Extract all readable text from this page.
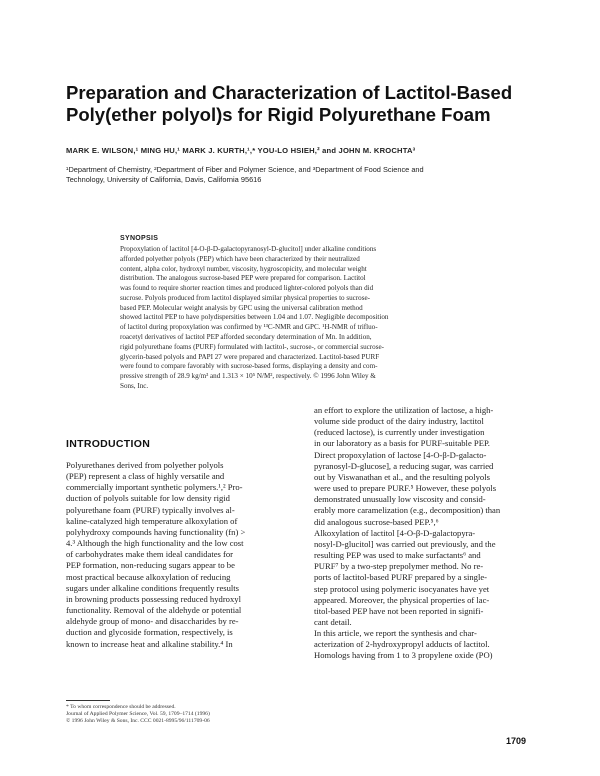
Preparation and Characterization of Lactitol-Based
Poly(ether polyol)s for Rigid Polyurethane Foam
MARK E. WILSON,¹ MING HU,¹ MARK J. KURTH,¹,* YOU-LO HSIEH,² and JOHN M. KROCHTA³
¹Department of Chemistry, ²Department of Fiber and Polymer Science, and ³Department of Food Science and
Technology, University of California, Davis, California 95616
SYNOPSIS
Propoxylation of lactitol [4-O-β-D-galactopyranosyl-D-glucitol] under alkaline conditions
afforded polyether polyols (PEP) which have been characterized by their neutralized
content, alpha color, hydroxyl number, viscosity, hygroscopicity, and molecular weight
distribution. The analogous sucrose-based PEP were prepared for comparison. Lactitol
was found to require shorter reaction times and produced lighter-colored polyols than did
sucrose. Polyols produced from lactitol displayed similar physical properties to sucrose-
based PEP. Molecular weight analysis by GPC using the universal calibration method
showed lactitol PEP to have polydispersities between 1.04 and 1.07. Negligible decomposition
of lactitol during propoxylation was confirmed by ¹³C-NMR and GPC. ¹H-NMR of trifluo-
roacetyl derivatives of lactitol PEP afforded secondary determination of Mn. In addition,
rigid polyurethane foams (PURF) formulated with lactitol-, sucrose-, or commercial sucrose-
glycerin-based polyols and PAPI 27 were prepared and characterized. Lactitol-based PURF
were found to compare favorably with sucrose-based forms, displaying a density and com-
pressive strength of 28.9 kg/m³ and 1.313 × 10⁵ N/M², respectively. © 1996 John Wiley &
Sons, Inc.
INTRODUCTION
Polyurethanes derived from polyether polyols
(PEP) represent a class of highly versatile and
commercially important synthetic polymers.¹,² Pro-
duction of polyols suitable for low density rigid
polyurethane foam (PURF) typically involves al-
kaline-catalyzed high temperature alkoxylation of
polyhydroxy compounds having functionality (fn) >
4.³ Although the high functionality and the low cost
of carbohydrates make them ideal candidates for
PEP formation, non-reducing sugars appear to be
most practical because alkoxylation of reducing
sugars under alkaline conditions frequently results
in browning products possessing reduced hydroxyl
functionality. Removal of the aldehyde or potential
aldehyde group of mono- and disaccharides by re-
duction and glycoside formation, respectively, is
known to increase heat and alkaline stability.⁴ In
an effort to explore the utilization of lactose, a high-
volume side product of the dairy industry, lactitol
(reduced lactose), is currently under investigation
in our laboratory as a basis for PURF-suitable PEP.
Direct propoxylation of lactose [4-O-β-D-galacto-
pyranosyl-D-glucose], a reducing sugar, was carried
out by Viswanathan et al., and the resulting polyols
were used to prepare PURF.⁵ However, these polyols
demonstrated unusually low viscosity and consid-
erably more caramelization (e.g., decomposition) than
did analogous sucrose-based PEP.⁵,⁶
Alkoxylation of lactitol [4-O-β-D-galactopyra-
nosyl-D-glucitol] was carried out previously, and the
resulting PEP was used to make surfactants⁶ and
PURF⁷ by a two-step prepolymer method. No re-
ports of lactitol-based PURF prepared by a single-
step protocol using polymeric isocyanates have yet
appeared. Moreover, the physical properties of lac-
titol-based PEP have not been reported in signifi-
cant detail.
In this article, we report the synthesis and char-
acterization of 2-hydroxypropyl adducts of lactitol.
Homologs having from 1 to 3 propylene oxide (PO)
* To whom correspondence should be addressed.
Journal of Applied Polymer Science, Vol. 59, 1709–1714 (1996)
© 1996 John Wiley & Sons, Inc. CCC 0021-8995/96/111709-06
1709
